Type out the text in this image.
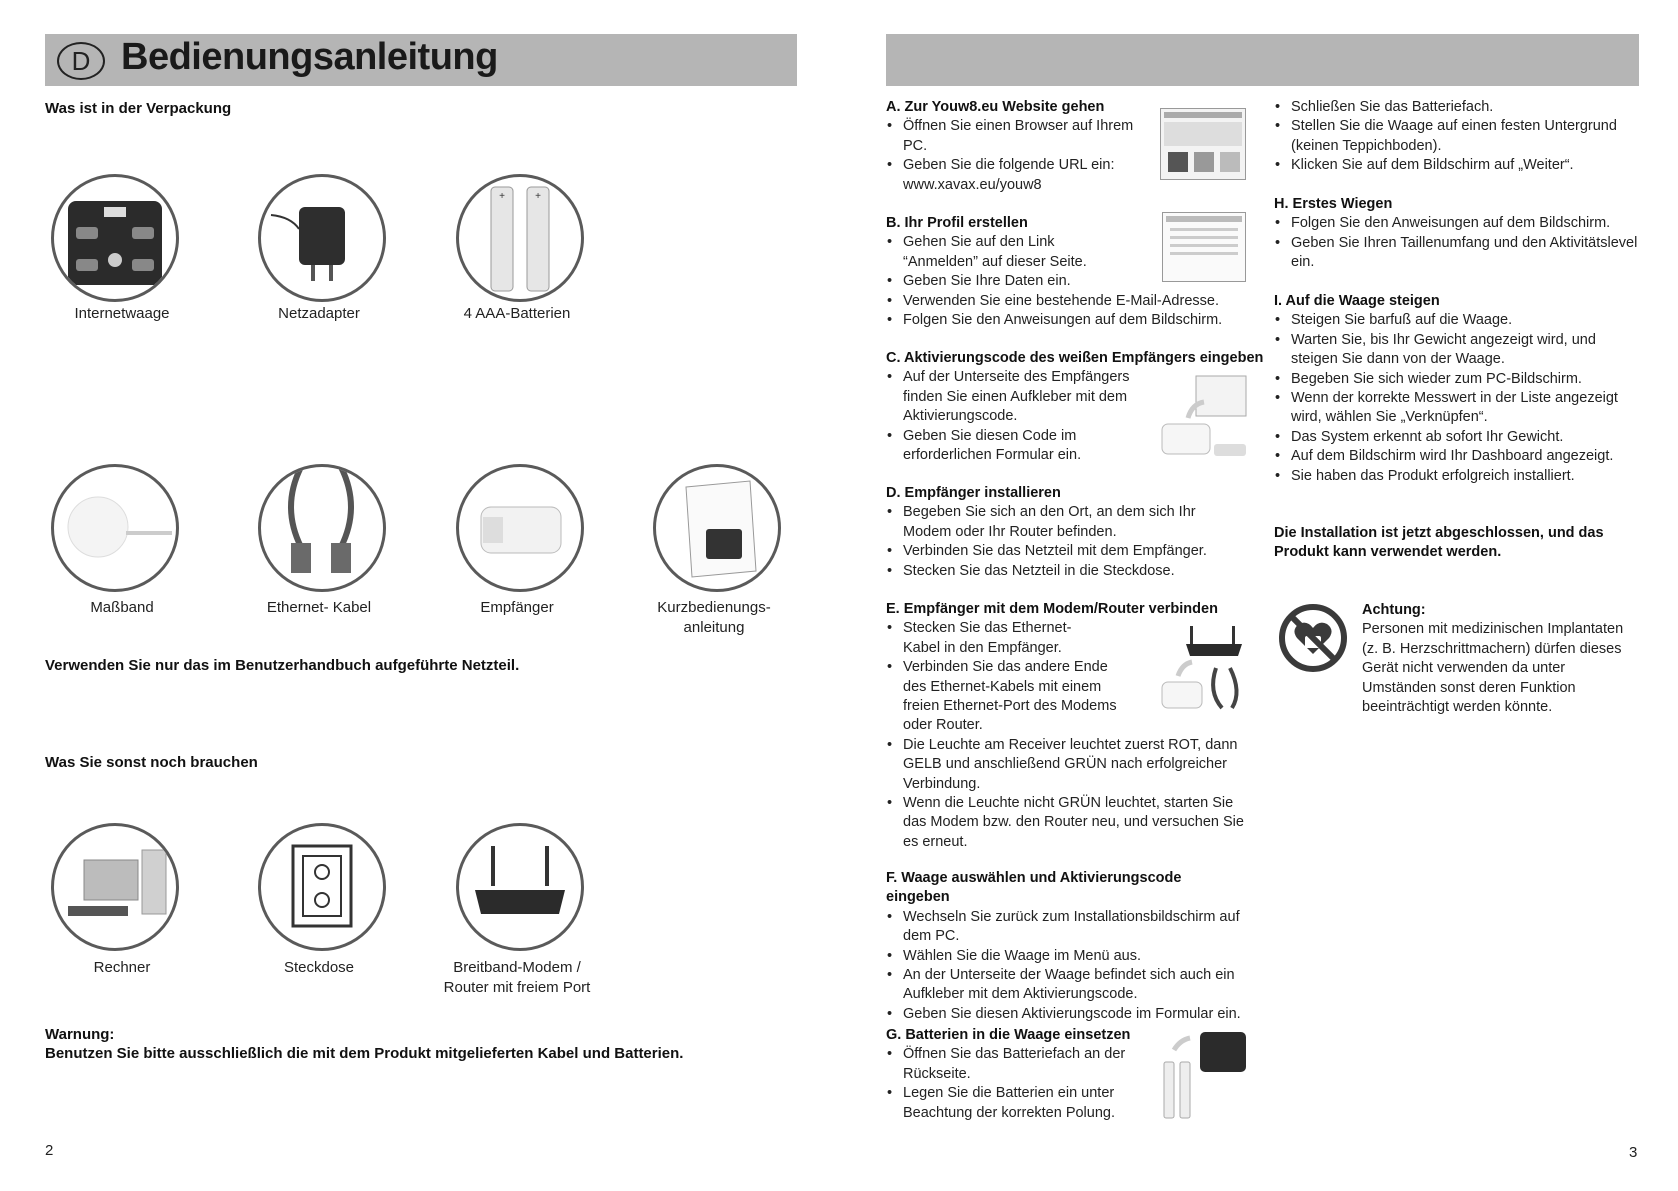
D Bedienungsanleitung
Was ist in der Verpackung
Internetwaage	Netzadapter
+	+
4 AAA-Batterien
Maßband	Ethernet- Kabel	Empfänger	Kurzbedienungs-
anleitung
Verwenden Sie nur das im Benutzerhandbuch aufgeführte Netzteil.
Was Sie sonst noch brauchen
Rechner	Steckdose	Breitband-Modem /
Router mit freiem Port
Warnung:
Benutzen Sie bitte ausschließlich die mit dem Produkt mitgelieferten Kabel und Batterien.
2
A. Zur Youw8.eu Website gehen
• Öffnen Sie einen Browser auf Ihrem PC.
• Geben Sie die folgende URL ein: www.xavax.eu/youw8
B. Ihr Profil erstellen
• Gehen Sie auf den Link “Anmelden” auf dieser Seite.
• Geben Sie Ihre Daten ein.
• Verwenden Sie eine bestehende E-Mail-Adresse.
• Folgen Sie den Anweisungen auf dem Bildschirm.
C. Aktivierungscode des weißen Empfängers eingeben
• Auf der Unterseite des Empfängers finden Sie einen Aufkleber mit dem Aktivierungscode.
• Geben Sie diesen Code im erforderlichen Formular ein.
D. Empfänger installieren
• Begeben Sie sich an den Ort, an dem sich Ihr Modem oder Ihr Router befinden.
• Verbinden Sie das Netzteil mit dem Empfänger.
• Stecken Sie das Netzteil in die Steckdose.
E. Empfänger mit dem Modem/Router verbinden
• Stecken Sie das Ethernet-Kabel in den Empfänger.
• Verbinden Sie das andere Ende des Ethernet-Kabels mit einem freien Ethernet-Port des Modems oder Router.
• Die Leuchte am Receiver leuchtet zuerst ROT, dann GELB und anschließend GRÜN nach erfolgreicher Verbindung.
• Wenn die Leuchte nicht GRÜN leuchtet, starten Sie das Modem bzw. den Router neu, und versuchen Sie es erneut.
F. Waage auswählen und Aktivierungscode eingeben
• Wechseln Sie zurück zum Installationsbildschirm auf dem PC.
• Wählen Sie die Waage im Menü aus.
• An der Unterseite der Waage befindet sich auch ein Aufkleber mit dem Aktivierungscode.
• Geben Sie diesen Aktivierungscode im Formular ein.
G. Batterien in die Waage einsetzen
• Öffnen Sie das Batteriefach an der Rückseite.
• Legen Sie die Batterien ein unter Beachtung der korrekten Polung.
• Schließen Sie das Batteriefach.
• Stellen Sie die Waage auf einen festen Untergrund (keinen Teppichboden).
• Klicken Sie auf dem Bildschirm auf „Weiter“.
H. Erstes Wiegen
• Folgen Sie den Anweisungen auf dem Bildschirm.
• Geben Sie Ihren Taillenumfang und den Aktivitätslevel ein.
I. Auf die Waage steigen
• Steigen Sie barfuß auf die Waage.
• Warten Sie, bis Ihr Gewicht angezeigt wird, und steigen Sie dann von der Waage.
• Begeben Sie sich wieder zum PC-Bildschirm.
• Wenn der korrekte Messwert in der Liste angezeigt wird, wählen Sie „Verknüpfen“.
• Das System erkennt ab sofort Ihr Gewicht.
• Auf dem Bildschirm wird Ihr Dashboard angezeigt.
• Sie haben das Produkt erfolgreich installiert.
Die Installation ist jetzt abgeschlossen, und das Produkt kann verwendet werden.
Achtung:
Personen mit medizinischen Implantaten (z. B. Herzschrittmachern) dürfen dieses Gerät nicht verwenden da unter Umständen sonst deren Funktion beeinträchtigt werden könnte.
3
